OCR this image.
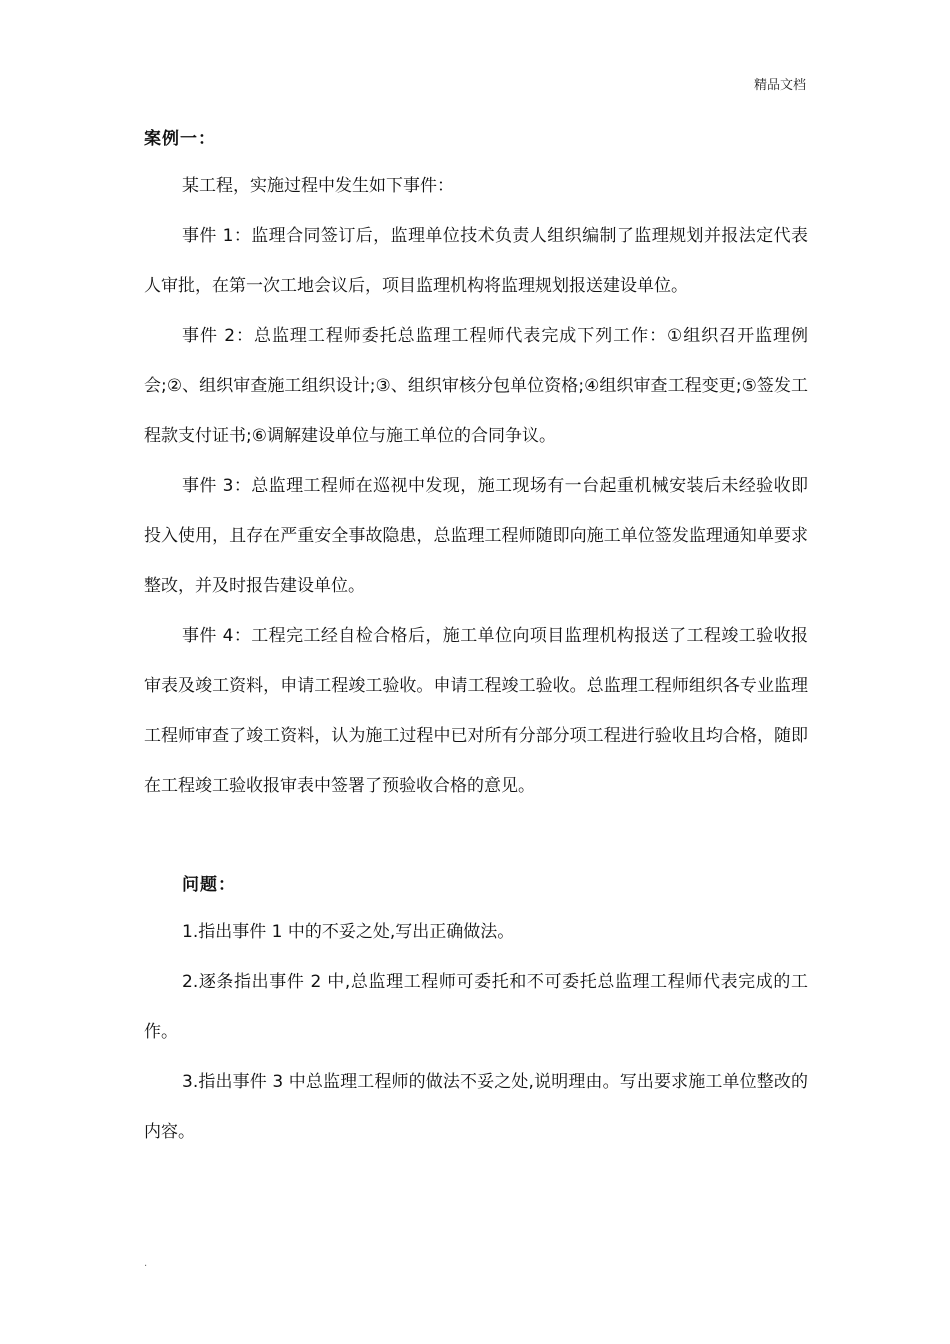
精品文档
案例一：

某工程，实施过程中发生如下事件：

事件 1：监理合同签订后，监理单位技术负责人组织编制了监理规划并报法定代表人审批，在第一次工地会议后，项目监理机构将监理规划报送建设单位。

事件 2：总监理工程师委托总监理工程师代表完成下列工作：①组织召开监理例会;②、组织审查施工组织设计;③、组织审核分包单位资格;④组织审查工程变更;⑤签发工程款支付证书;⑥调解建设单位与施工单位的合同争议。

事件 3：总监理工程师在巡视中发现，施工现场有一台起重机械安装后未经验收即投入使用，且存在严重安全事故隐患，总监理工程师随即向施工单位签发监理通知单要求整改，并及时报告建设单位。

事件 4：工程完工经自检合格后，施工单位向项目监理机构报送了工程竣工验收报审表及竣工资料，申请工程竣工验收。申请工程竣工验收。总监理工程师组织各专业监理工程师审查了竣工资料，认为施工过程中已对所有分部分项工程进行验收且均合格，随即在工程竣工验收报审表中签署了预验收合格的意见。

问题：

1.指出事件 1 中的不妥之处,写出正确做法。

2.逐条指出事件 2 中,总监理工程师可委托和不可委托总监理工程师代表完成的工作。

3.指出事件 3 中总监理工程师的做法不妥之处,说明理由。写出要求施工单位整改的内容。

.
